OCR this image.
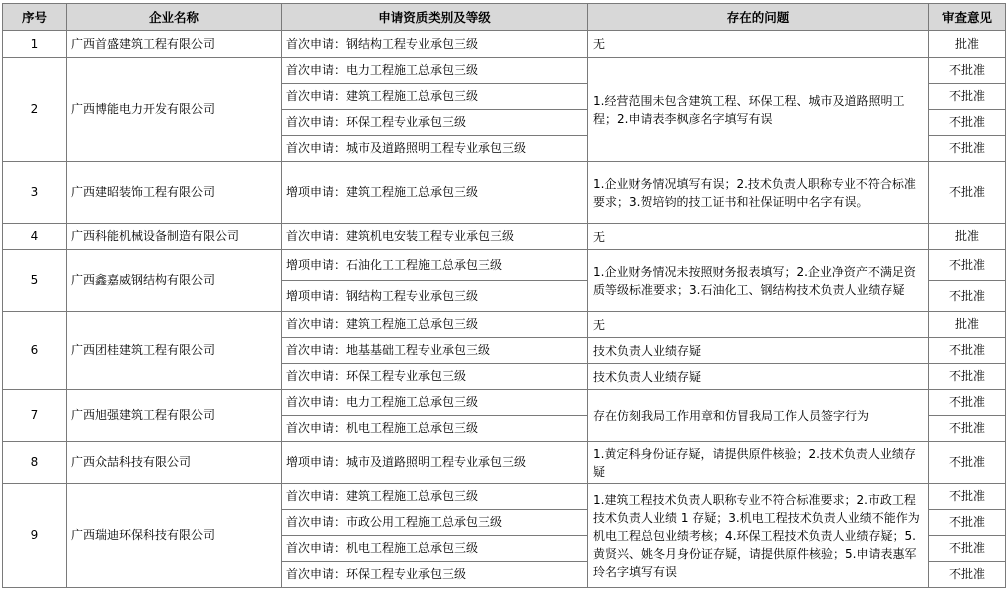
序号	企业名称	申请资质类别及等级	存在的问题	审查意见
1	广西首盛建筑工程有限公司	首次申请：钢结构工程专业承包三级	无	批准
2	广西博能电力开发有限公司	首次申请：电力工程施工总承包三级	1.经营范围未包含建筑工程、环保工程、城市及道路照明工程；2.申请表李枫彦名字填写有误	不批准
		首次申请：建筑工程施工总承包三级		不批准
		首次申请：环保工程专业承包三级		不批准
		首次申请：城市及道路照明工程专业承包三级		不批准
3	广西建昭装饰工程有限公司	增项申请：建筑工程施工总承包三级	1.企业财务情况填写有误；2.技术负责人职称专业不符合标准要求；3.贺培钧的技工证书和社保证明中名字有误。	不批准
4	广西科能机械设备制造有限公司	首次申请：建筑机电安装工程专业承包三级	无	批准
5	广西鑫嘉威钢结构有限公司	增项申请：石油化工工程施工总承包三级	1.企业财务情况未按照财务报表填写；2.企业净资产不满足资质等级标准要求；3.石油化工、钢结构技术负责人业绩存疑	不批准
		增项申请：钢结构工程专业承包三级		不批准
6	广西团桂建筑工程有限公司	首次申请：建筑工程施工总承包三级	无	批准
		首次申请：地基基础工程专业承包三级	技术负责人业绩存疑	不批准
		首次申请：环保工程专业承包三级	技术负责人业绩存疑	不批准
7	广西旭强建筑工程有限公司	首次申请：电力工程施工总承包三级	存在仿刻我局工作用章和仿冒我局工作人员签字行为	不批准
		首次申请：机电工程施工总承包三级		不批准
8	广西众喆科技有限公司	增项申请：城市及道路照明工程专业承包三级	1.黄定科身份证存疑，请提供原件核验；2.技术负责人业绩存疑	不批准
9	广西瑞迪环保科技有限公司	首次申请：建筑工程施工总承包三级	1.建筑工程技术负责人职称专业不符合标准要求；2.市政工程技术负责人业绩 1 存疑；3.机电工程技术负责人业绩不能作为机电工程总包业绩考核；4.环保工程技术负责人业绩存疑；5.黄贤兴、姚冬月身份证存疑，请提供原件核验；5.申请表惠军玲名字填写有误	不批准
		首次申请：市政公用工程施工总承包三级		不批准
		首次申请：机电工程施工总承包三级		不批准
		首次申请：环保工程专业承包三级		不批准
